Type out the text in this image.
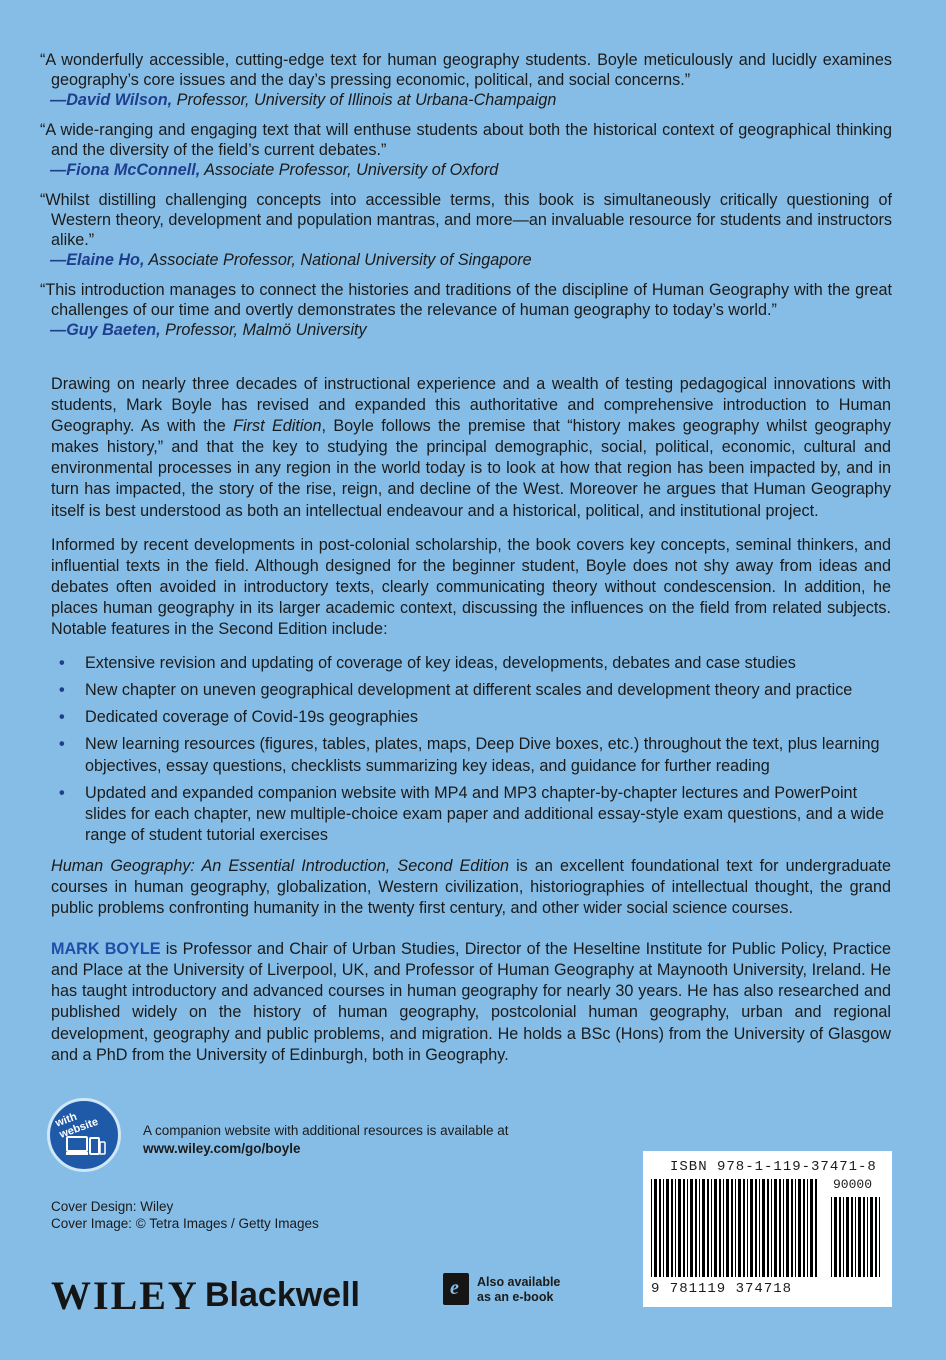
“A wonderfully accessible, cutting-edge text for human geography students. Boyle meticulously and lucidly examines geography’s core issues and the day’s pressing economic, political, and social concerns.”

—David Wilson, Professor, University of Illinois at Urbana-Champaign

“A wide-ranging and engaging text that will enthuse students about both the historical context of geographical thinking and the diversity of the field’s current debates.”

—Fiona McConnell, Associate Professor, University of Oxford

“Whilst distilling challenging concepts into accessible terms, this book is simultaneously critically questioning of Western theory, development and population mantras, and more—an invaluable resource for students and instructors alike.”

—Elaine Ho, Associate Professor, National University of Singapore

“This introduction manages to connect the histories and traditions of the discipline of Human Geography with the great challenges of our time and overtly demonstrates the relevance of human geography to today’s world.”

—Guy Baeten, Professor, Malmö University

Drawing on nearly three decades of instructional experience and a wealth of testing pedagogical innovations with students, Mark Boyle has revised and expanded this authoritative and comprehensive introduction to Human Geography. As with the First Edition, Boyle follows the premise that “history makes geography whilst geography makes history,” and that the key to studying the principal demographic, social, political, economic, cultural and environmental processes in any region in the world today is to look at how that region has been impacted by, and in turn has impacted, the story of the rise, reign, and decline of the West. Moreover he argues that Human Geography itself is best understood as both an intellectual endeavour and a historical, political, and institutional project.

Informed by recent developments in post-colonial scholarship, the book covers key concepts, seminal thinkers, and influential texts in the field. Although designed for the beginner student, Boyle does not shy away from ideas and debates often avoided in introductory texts, clearly communicating theory without condescension. In addition, he places human geography in its larger academic context, discussing the influences on the field from related subjects. Notable features in the Second Edition include:

• Extensive revision and updating of coverage of key ideas, developments, debates and case studies
• New chapter on uneven geographical development at different scales and development theory and practice
• Dedicated coverage of Covid-19s geographies
• New learning resources (figures, tables, plates, maps, Deep Dive boxes, etc.) throughout the text, plus learning objectives, essay questions, checklists summarizing key ideas, and guidance for further reading
• Updated and expanded companion website with MP4 and MP3 chapter-by-chapter lectures and PowerPoint slides for each chapter, new multiple-choice exam paper and additional essay-style exam questions, and a wide range of student tutorial exercises

Human Geography: An Essential Introduction, Second Edition is an excellent foundational text for undergraduate courses in human geography, globalization, Western civilization, historiographies of intellectual thought, the grand public problems confronting humanity in the twenty first century, and other wider social science courses.

MARK BOYLE is Professor and Chair of Urban Studies, Director of the Heseltine Institute for Public Policy, Practice and Place at the University of Liverpool, UK, and Professor of Human Geography at Maynooth University, Ireland. He has taught introductory and advanced courses in human geography for nearly 30 years. He has also researched and published widely on the history of human geography, postcolonial human geography, urban and regional development, geography and public problems, and migration. He holds a BSc (Hons) from the University of Glasgow and a PhD from the University of Edinburgh, both in Geography.

with website	A companion website with additional resources is available at
www.wiley.com/go/boyle
Cover Design: Wiley
Cover Image: © Tetra Images / Getty Images
WILEY Blackwell	e Also available
as an e-book
ISBN 978-1-119-37471-8
90000
9 781119 374718
